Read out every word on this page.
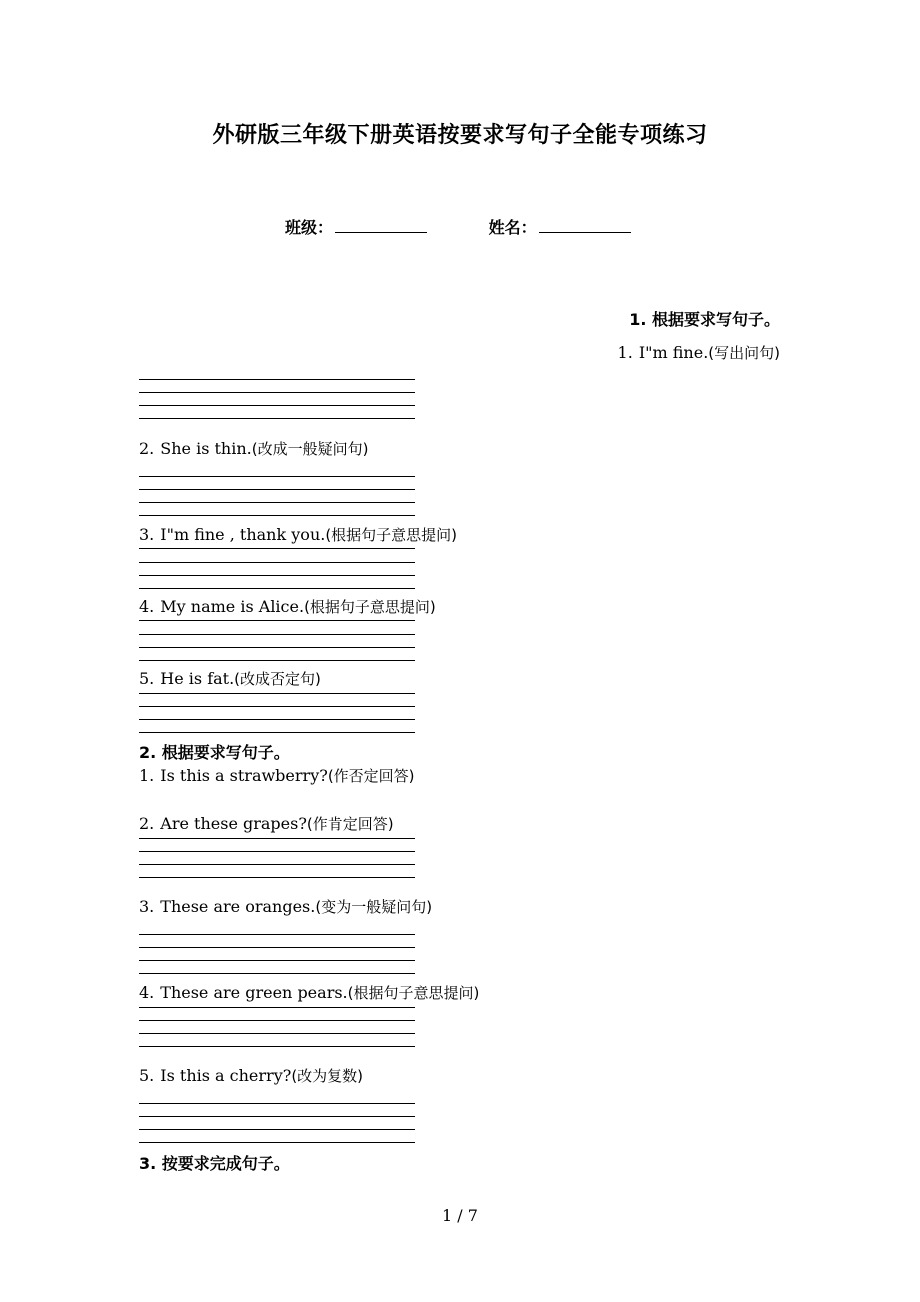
外研版三年级下册英语按要求写句子全能专项练习
班级：	姓名：
1. 根据要求写句子。
1. I"m fine.(写出问句)
2. She is thin.(改成一般疑问句)
3. I"m fine , thank you.(根据句子意思提问)
4. My name is Alice.(根据句子意思提问)
5. He is fat.(改成否定句)
2. 根据要求写句子。
1. Is this a strawberry?(作否定回答)
2. Are these grapes?(作肯定回答)
3. These are oranges.(变为一般疑问句)
4. These are green pears.(根据句子意思提问)
5. Is this a cherry?(改为复数)
3. 按要求完成句子。
1 / 7
